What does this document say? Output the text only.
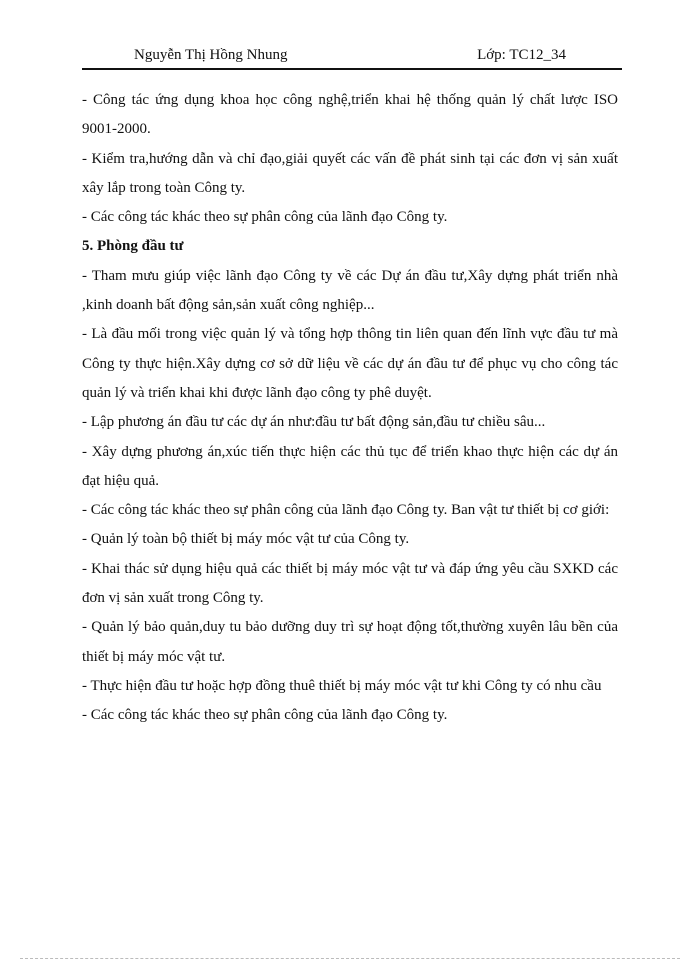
Nguyễn Thị Hồng Nhung	Lớp: TC12_34

- Công tác ứng dụng khoa học công nghệ,triển khai hệ thống quản lý chất lược ISO 9001-2000.

- Kiểm tra,hướng dẫn và chỉ đạo,giải quyết các vấn đề phát sinh tại các đơn vị sản xuất xây lắp trong toàn Công ty.

- Các công tác khác theo sự phân công của lãnh đạo Công ty.

5. Phòng đầu tư

- Tham mưu giúp việc lãnh đạo Công ty về các Dự án đầu tư,Xây dựng phát triển nhà ,kinh doanh bất động sản,sản xuất công nghiệp...

- Là đầu mối trong việc quản lý và tổng hợp thông tin liên quan đến lĩnh vực đầu tư mà Công ty thực hiện.Xây dựng cơ sở dữ liệu về các dự án đầu tư để phục vụ cho công tác quản lý và triển khai khi được lãnh đạo công ty phê duyệt.

- Lập phương án đầu tư các dự án như:đầu tư bất động sản,đầu tư chiều sâu...

- Xây dựng phương án,xúc tiến thực hiện các thủ tục để triển khao thực hiện các dự án đạt hiệu quả.

- Các công tác khác theo sự phân công của lãnh đạo Công ty. Ban vật tư thiết bị cơ giới:

- Quản lý toàn bộ thiết bị máy móc vật tư của Công ty.

- Khai thác sử dụng hiệu quả các thiết bị máy móc vật tư và đáp ứng yêu cầu SXKD các đơn vị sản xuất trong Công ty.

- Quản lý bảo quản,duy tu bảo dưỡng duy trì sự hoạt động tốt,thường xuyên lâu bền của thiết bị máy móc vật tư.

- Thực hiện đầu tư hoặc hợp đồng thuê thiết bị máy móc vật tư khi Công ty có nhu cầu

- Các công tác khác theo sự phân công của lãnh đạo Công ty.
